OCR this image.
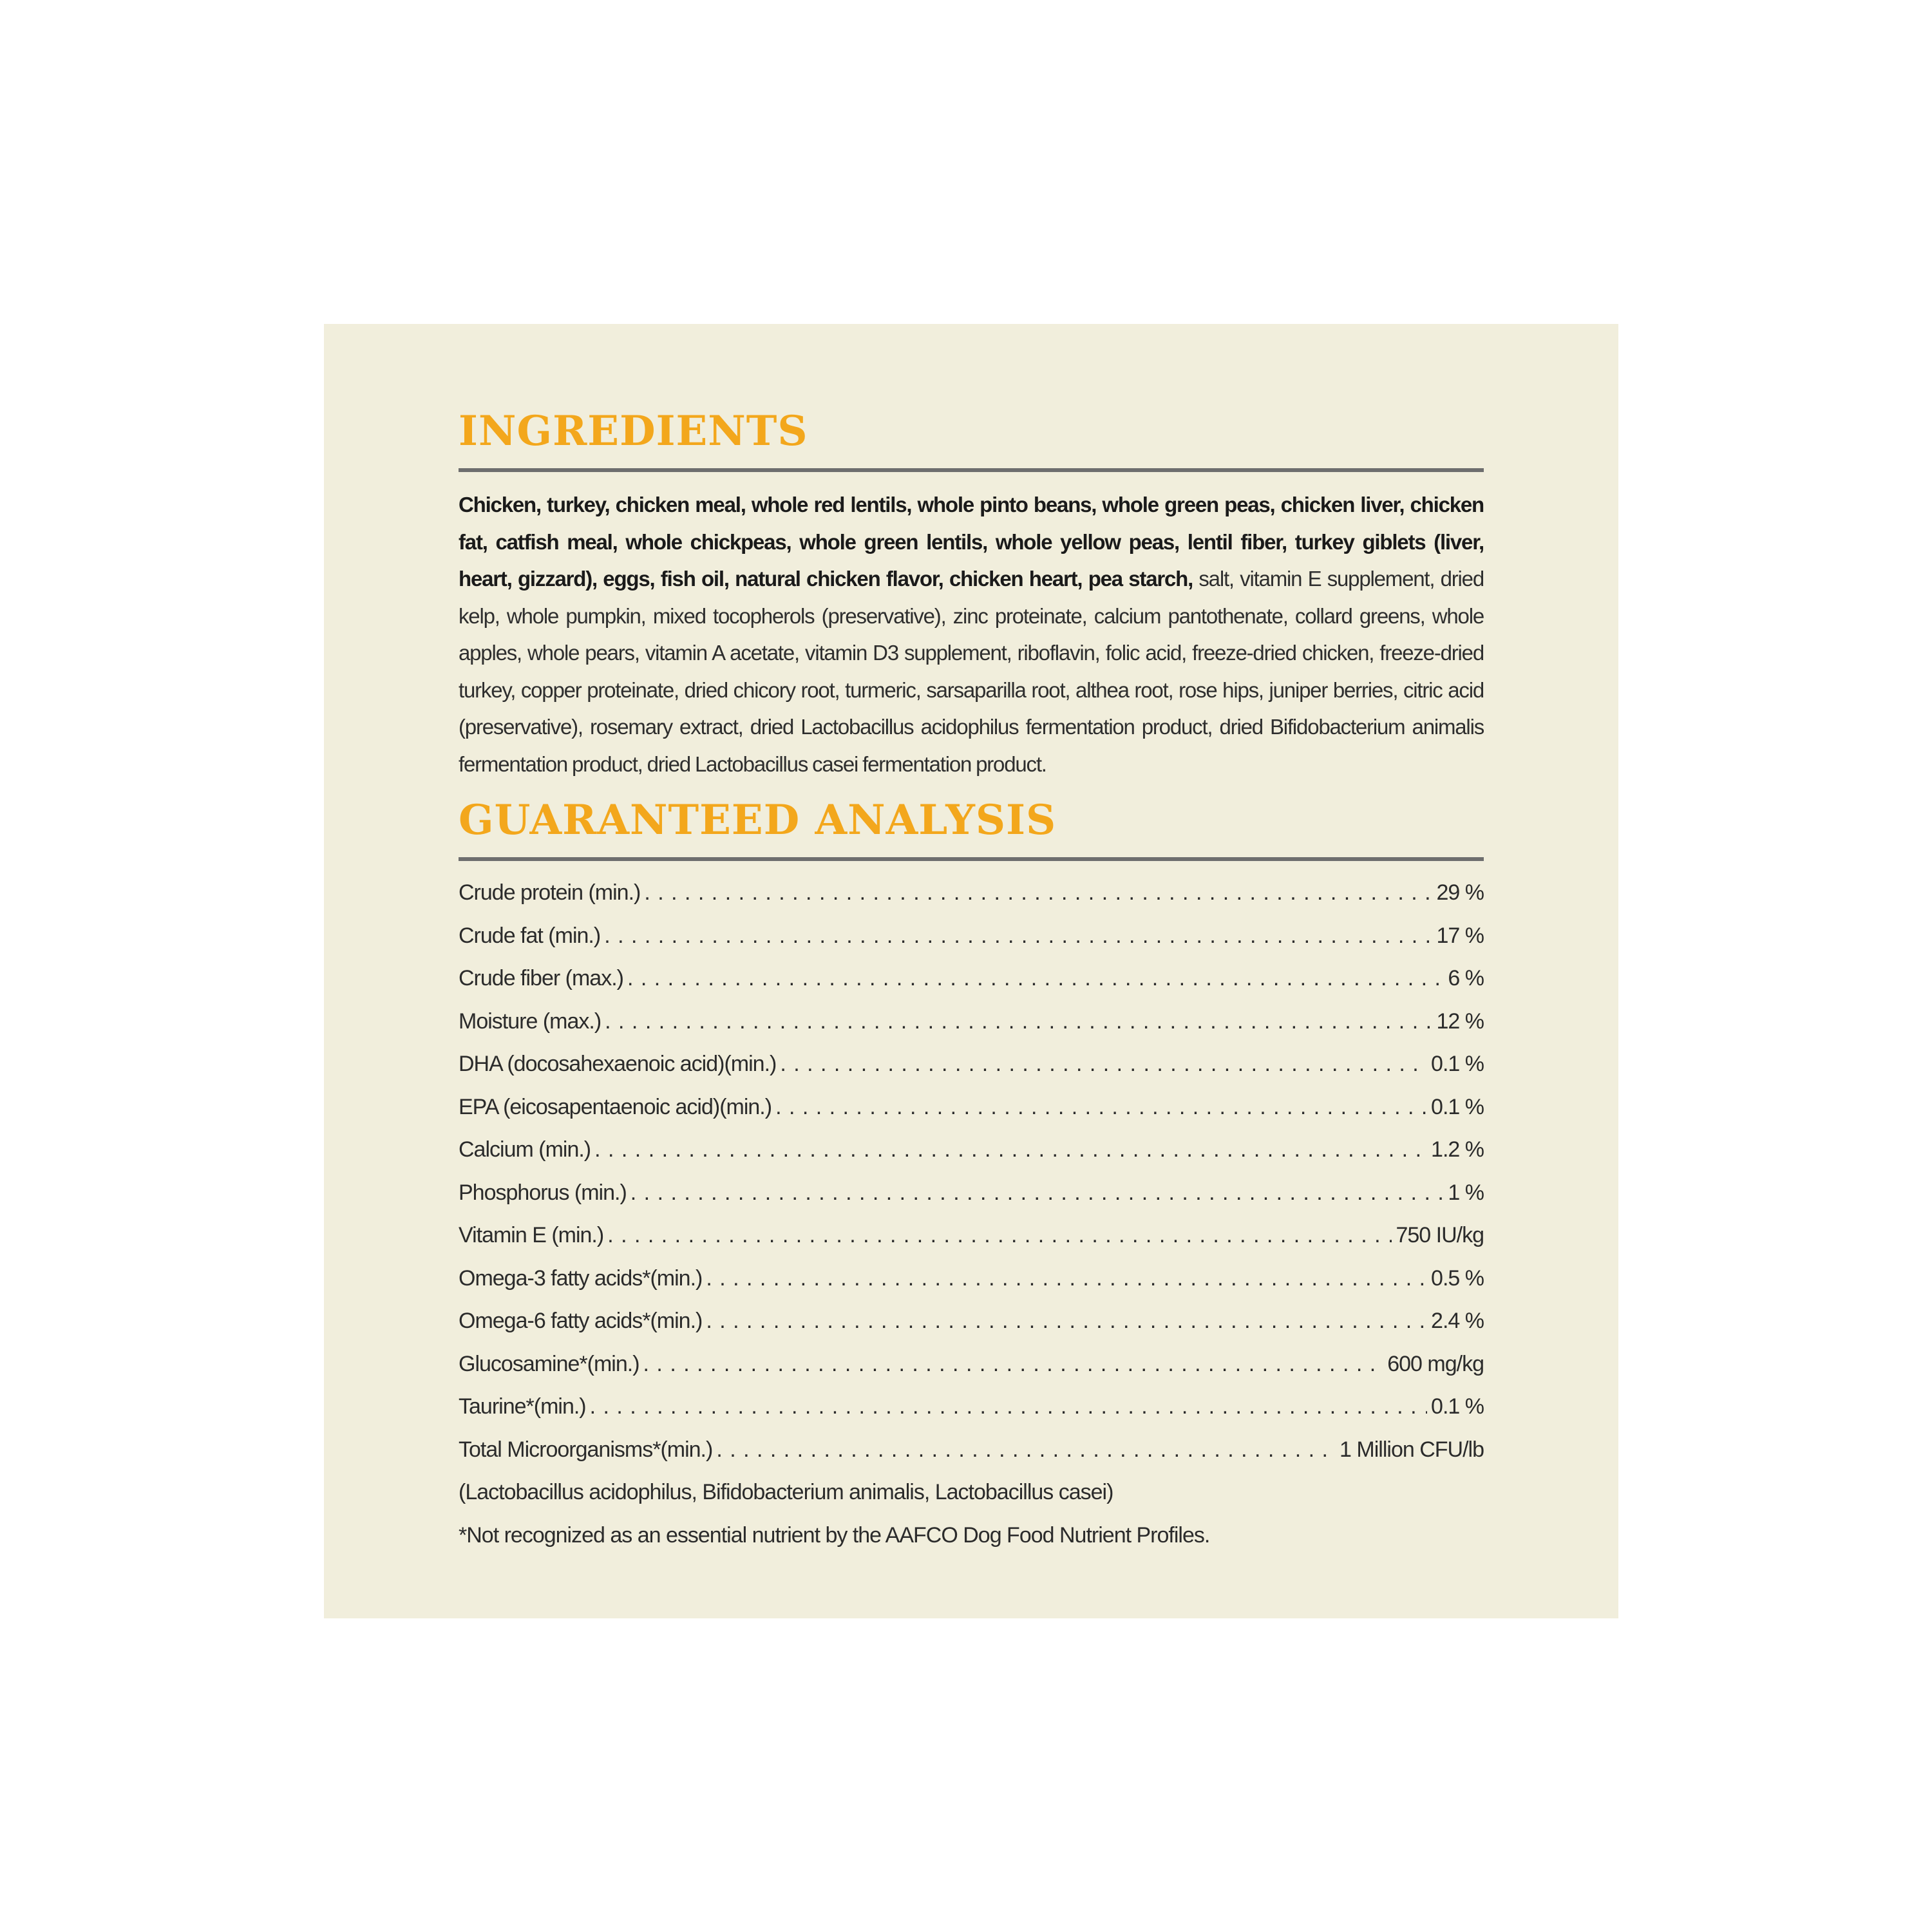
INGREDIENTS

Chicken, turkey, chicken meal, whole red lentils, whole pinto beans, whole green peas, chicken liver, chicken fat, catfish meal, whole chickpeas, whole green lentils, whole yellow peas, lentil fiber, turkey giblets (liver, heart, gizzard), eggs, fish oil, natural chicken flavor, chicken heart, pea starch, salt, vitamin E supplement, dried kelp, whole pumpkin, mixed tocopherols (preservative), zinc proteinate, calcium pantothenate, collard greens, whole apples, whole pears, vitamin A acetate, vitamin D3 supplement, riboflavin, folic acid, freeze-dried chicken, freeze-dried turkey, copper proteinate, dried chicory root, turmeric, sarsaparilla root, althea root, rose hips, juniper berries, citric acid (preservative), rosemary extract, dried Lactobacillus acidophilus fermentation product, dried Bifidobacterium animalis fermentation product, dried Lactobacillus casei fermentation product.

GUARANTEED ANALYSIS
Crude protein (min.) . . .	29 %
Crude fat (min.) . . .	17 %
Crude fiber (max.) . . .	6 %
Moisture (max.) . . .	12 %
DHA (docosahexaenoic acid)(min.) . . .	0.1 %
EPA (eicosapentaenoic acid)(min.) . . .	0.1 %
Calcium (min.) . . .	1.2 %
Phosphorus (min.) . . .	1 %
Vitamin E (min.) . . .	750 IU/kg
Omega-3 fatty acids*(min.) . . .	0.5 %
Omega-6 fatty acids*(min.) . . .	2.4 %
Glucosamine*(min.) . . .	600 mg/kg
Taurine*(min.) . . .	0.1 %
Total Microorganisms*(min.) . . .	1 Million CFU/lb
(Lactobacillus acidophilus, Bifidobacterium animalis, Lactobacillus casei)
*Not recognized as an essential nutrient by the AAFCO Dog Food Nutrient Profiles.
